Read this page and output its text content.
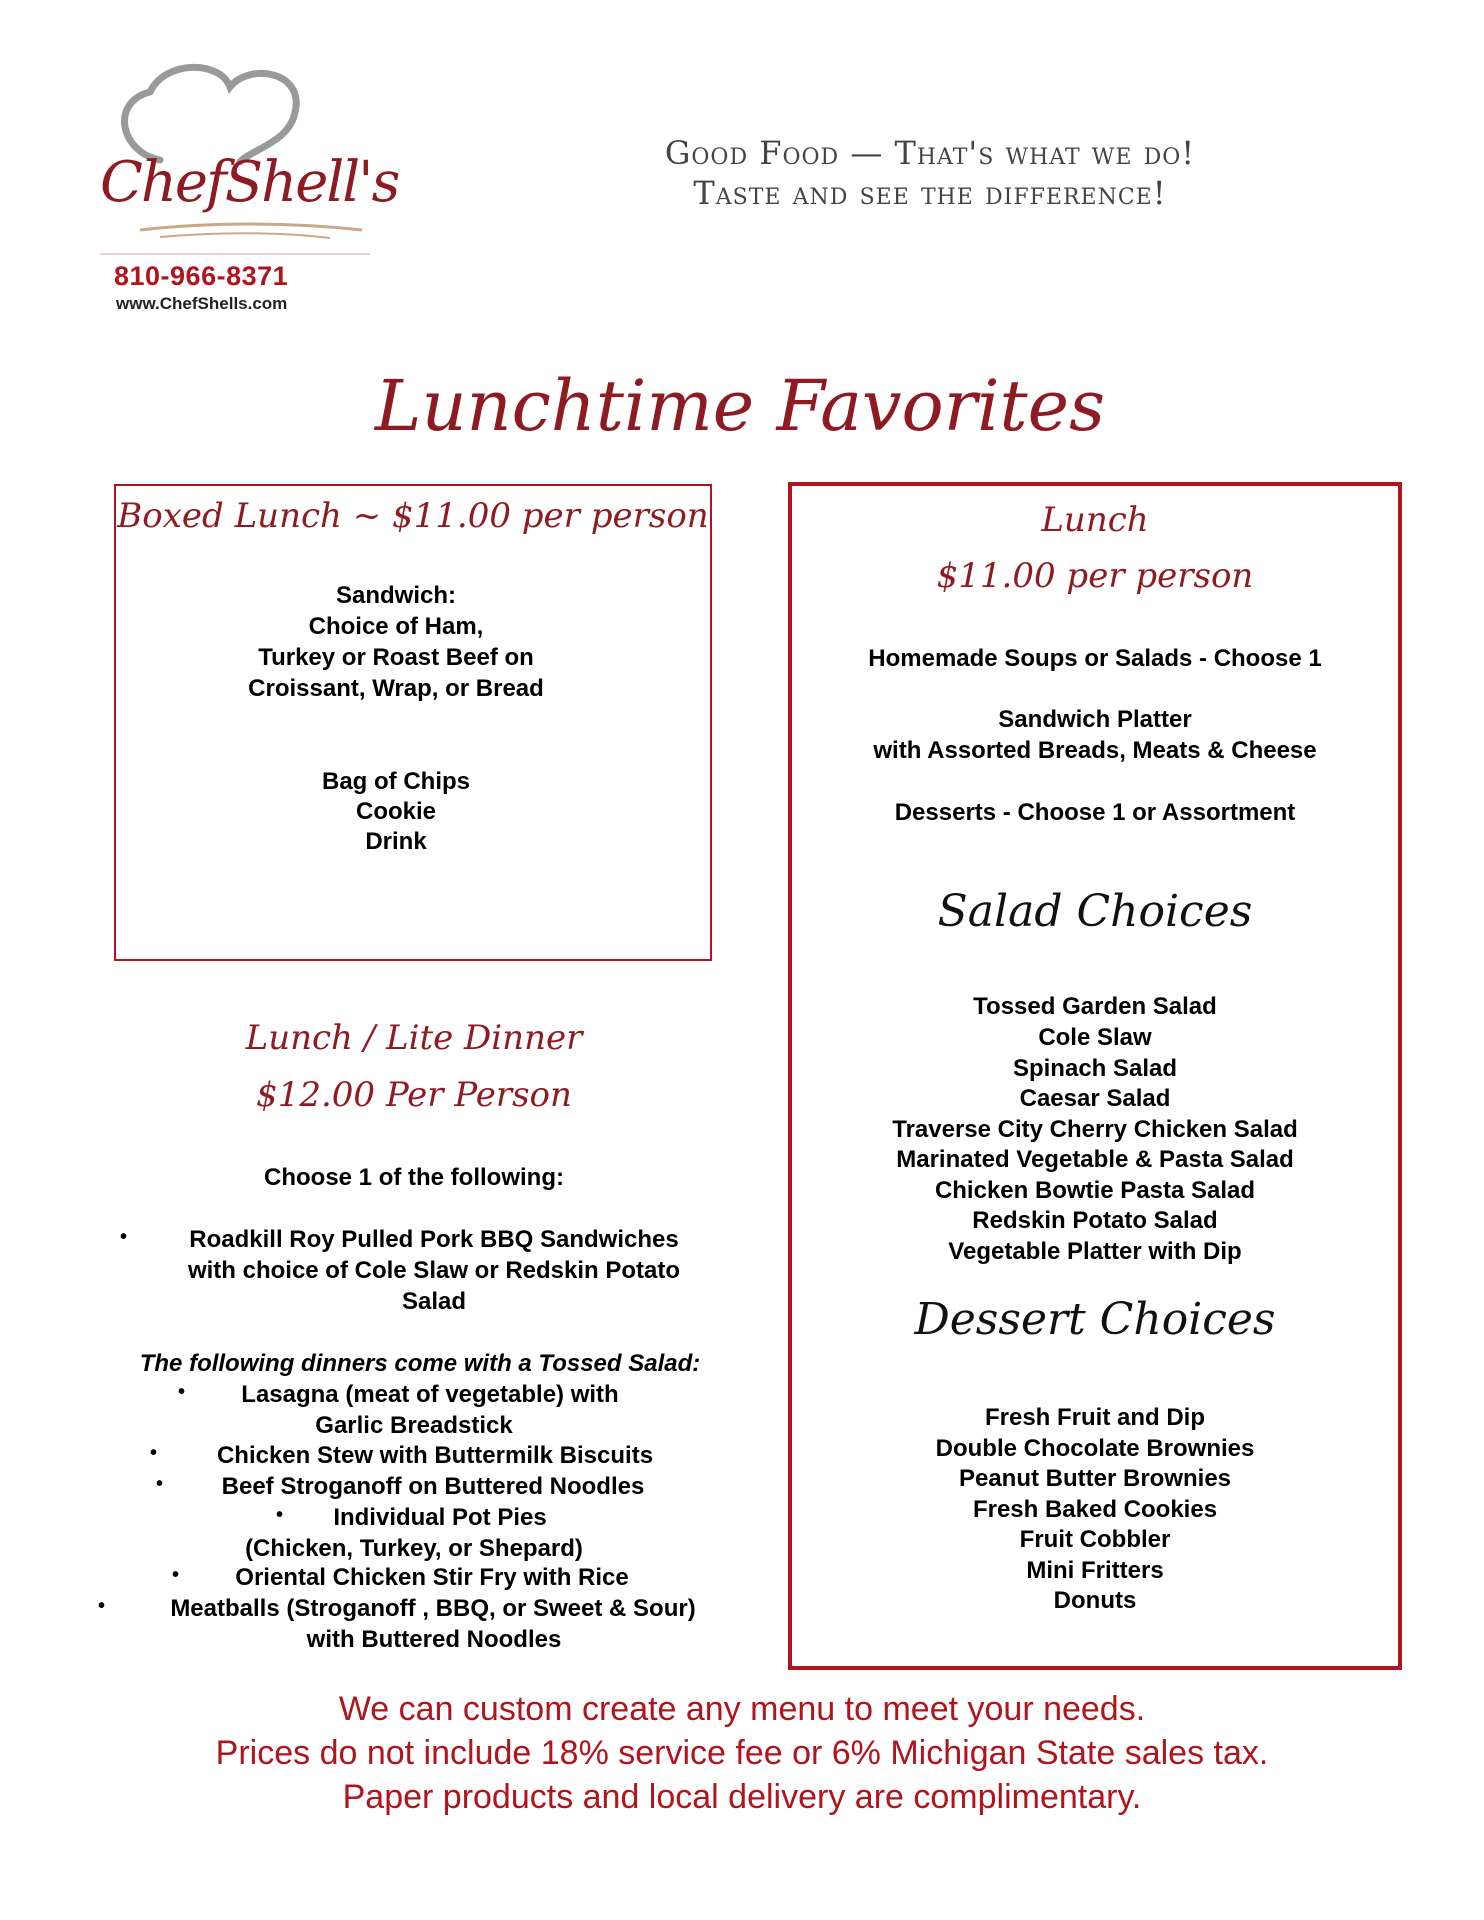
ChefShell's
810-966-8371
www.ChefShells.com
Good Food — That's what we do!
Taste and see the difference!
Lunchtime Favorites
Boxed Lunch ~ $11.00 per person
Sandwich:
Choice of Ham,
Turkey or Roast Beef on
Croissant, Wrap, or Bread
Bag of Chips
Cookie
Drink
Lunch / Lite Dinner
$12.00 Per Person
Choose 1 of the following:
•	Roadkill Roy Pulled Pork BBQ Sandwiches
with choice of Cole Slaw or Redskin Potato
Salad
The following dinners come with a Tossed Salad:
•	Lasagna (meat of vegetable) with
Garlic Breadstick
•	Chicken Stew with Buttermilk Biscuits
•	Beef Stroganoff on Buttered Noodles
•	Individual Pot Pies
(Chicken, Turkey, or Shepard)
•	Oriental Chicken Stir Fry with Rice
•	Meatballs (Stroganoff , BBQ, or Sweet & Sour)
with Buttered Noodles
Lunch
$11.00 per person
Homemade Soups or Salads - Choose 1
Sandwich Platter
with Assorted Breads, Meats & Cheese
Desserts - Choose 1 or Assortment
Salad Choices
Tossed Garden Salad
Cole Slaw
Spinach Salad
Caesar Salad
Traverse City Cherry Chicken Salad
Marinated Vegetable & Pasta Salad
Chicken Bowtie Pasta Salad
Redskin Potato Salad
Vegetable Platter with Dip
Dessert Choices
Fresh Fruit and Dip
Double Chocolate Brownies
Peanut Butter Brownies
Fresh Baked Cookies
Fruit Cobbler
Mini Fritters
Donuts
We can custom create any menu to meet your needs.
Prices do not include 18% service fee or 6% Michigan State sales tax.
Paper products and local delivery are complimentary.
